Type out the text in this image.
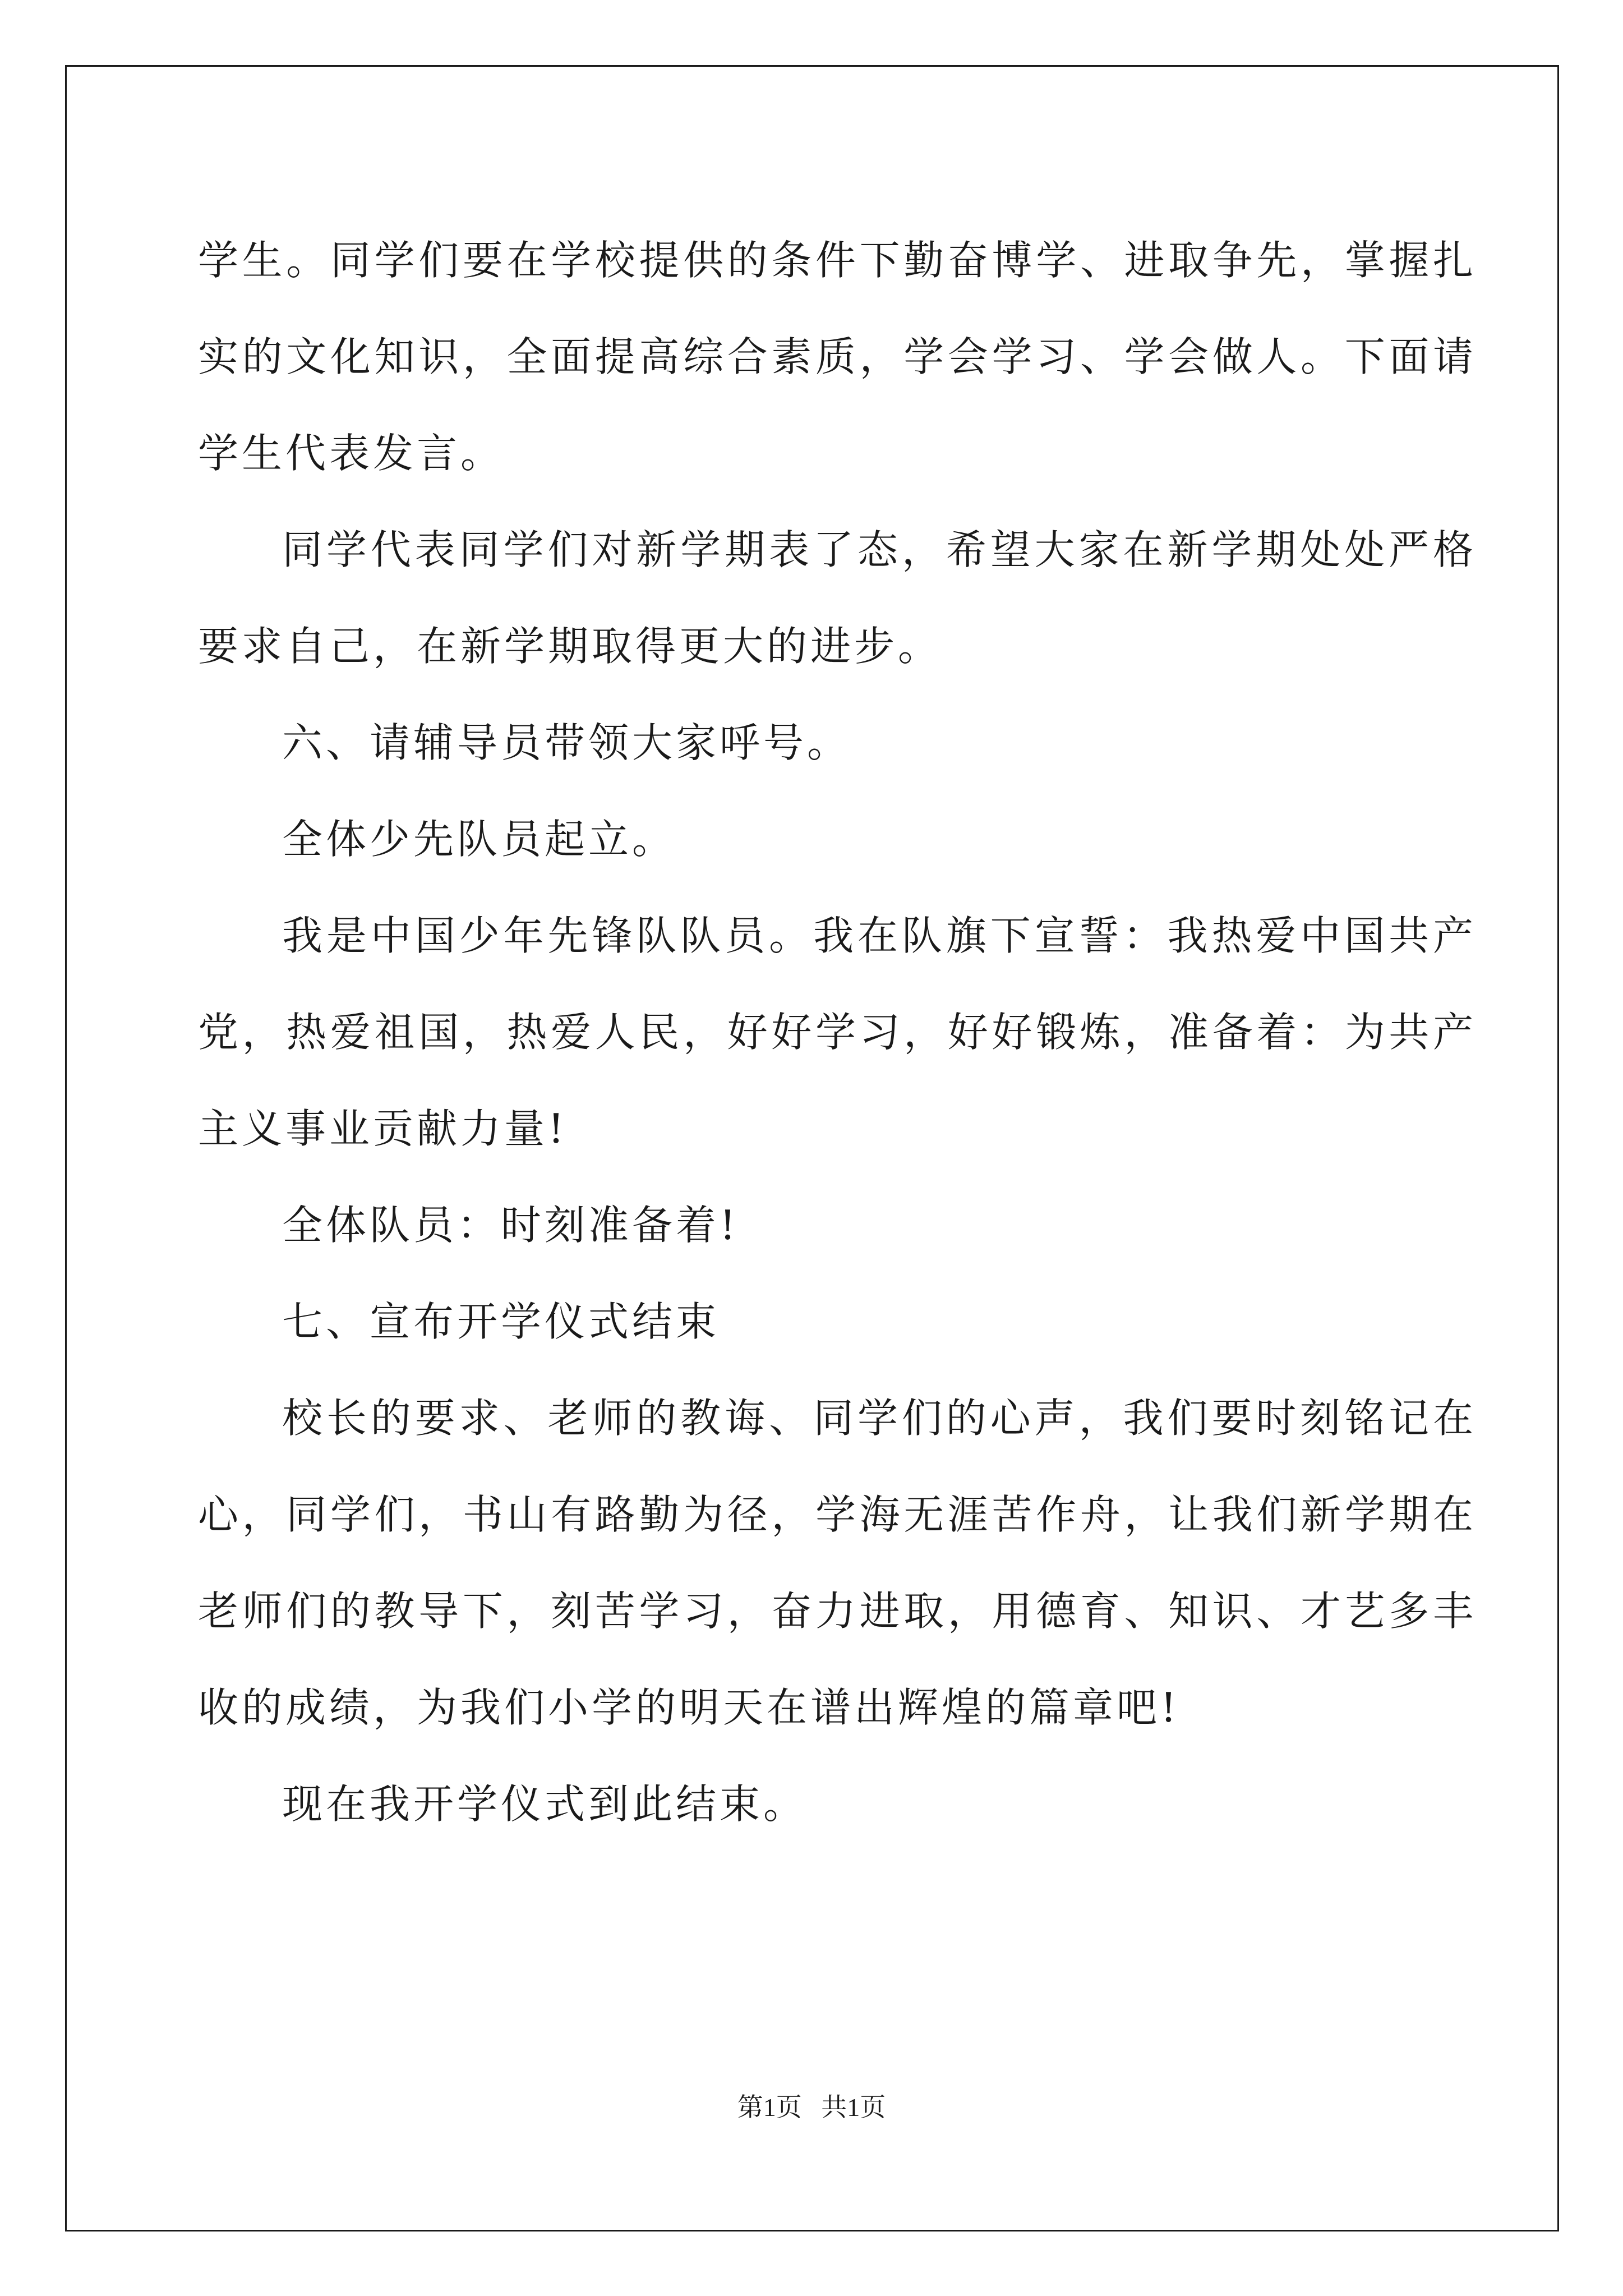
学生。同学们要在学校提供的条件下勤奋博学、进取争先，掌握扎实的文化知识，全面提高综合素质，学会学习、学会做人。下面请学生代表发言。

同学代表同学们对新学期表了态，希望大家在新学期处处严格要求自己，在新学期取得更大的进步。

六、请辅导员带领大家呼号。

全体少先队员起立。

我是中国少年先锋队队员。我在队旗下宣誓：我热爱中国共产党，热爱祖国，热爱人民，好好学习，好好锻炼，准备着：为共产主义事业贡献力量!

全体队员：时刻准备着!

七、宣布开学仪式结束

校长的要求、老师的教诲、同学们的心声，我们要时刻铭记在心，同学们，书山有路勤为径，学海无涯苦作舟，让我们新学期在老师们的教导下，刻苦学习，奋力进取，用德育、知识、才艺多丰收的成绩，为我们小学的明天在谱出辉煌的篇章吧!

现在我开学仪式到此结束。

第1页   共1页
